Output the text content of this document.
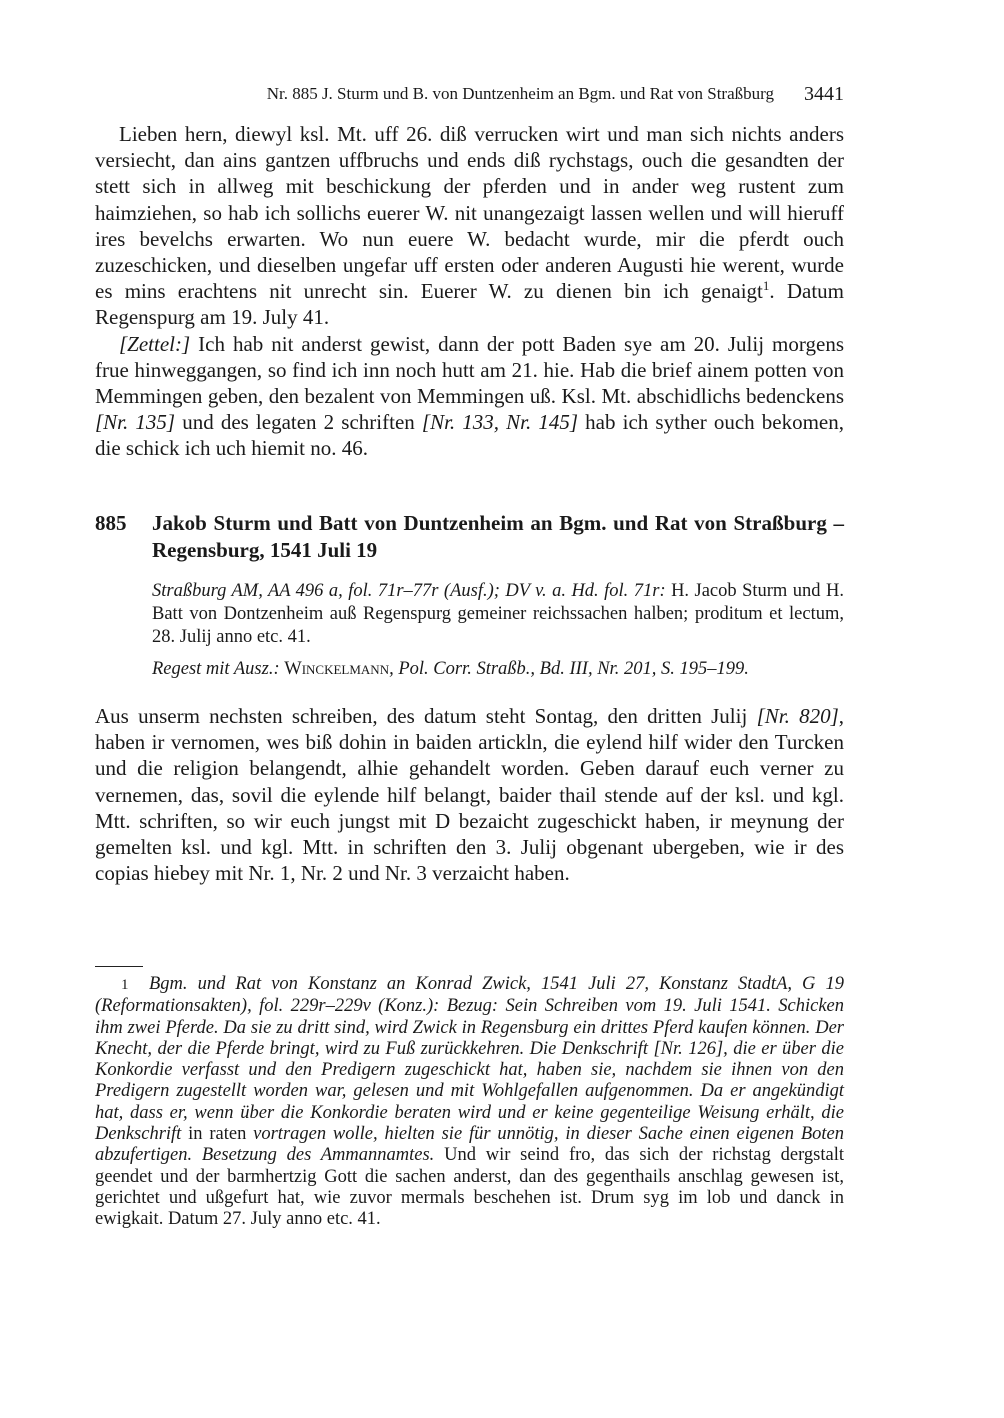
Nr. 885 J. Sturm und B. von Duntzenheim an Bgm. und Rat von Straßburg 3441

Lieben hern, diewyl ksl. Mt. uff 26. diß verrucken wirt und man sich nichts anders versiecht, dan ains gantzen uffbruchs und ends diß rychstags, ouch die gesandten der stett sich in allweg mit beschickung der pferden und in ander weg rustent zum haimziehen, so hab ich sollichs euerer W. nit unangezaigt lassen wellen und will hieruff ires bevelchs erwarten. Wo nun euere W. bedacht wurde, mir die pferdt ouch zuzeschicken, und dieselben ungefar uff ersten oder anderen Augusti hie werent, wurde es mins erachtens nit unrecht sin. Euerer W. zu dienen bin ich genaigt$^1$. Datum Regenspurg am 19. July 41.

[Zettel:] Ich hab nit anderst gewist, dann der pott Baden sye am 20. Julij morgens frue hinweggangen, so find ich inn noch hutt am 21. hie. Hab die brief ainem potten von Memmingen geben, den bezalent von Memmingen uß. Ksl. Mt. abschidlichs bedenckens [Nr. 135] und des legaten 2 schriften [Nr. 133, Nr. 145] hab ich syther ouch bekomen, die schick ich uch hiemit no. 46.

885 Jakob Sturm und Batt von Duntzenheim an Bgm. und Rat von Straßburg – Regensburg, 1541 Juli 19

Straßburg AM, AA 496 a, fol. 71r–77r (Ausf.); DV v. a. Hd. fol. 71r: H. Jacob Sturm und H. Batt von Dontzenheim auß Regenspurg gemeiner reichssachen halben; proditum et lectum, 28. Julij anno etc. 41.

Regest mit Ausz.: Winckelmann, Pol. Corr. Straßb., Bd. III, Nr. 201, S. 195–199.

Aus unserm nechsten schreiben, des datum steht Sontag, den dritten Julij [Nr. 820], haben ir vernomen, wes biß dohin in baiden artickln, die eylend hilf wider den Turcken und die religion belangendt, alhie gehandelt worden. Geben darauf euch verner zu vernemen, das, sovil die eylende hilf belangt, baider thail stende auf der ksl. und kgl. Mtt. schriften, so wir euch jungst mit D bezaicht zugeschickt haben, ir meynung der gemelten ksl. und kgl. Mtt. in schriften den 3. Julij obgenant ubergeben, wie ir des copias hiebey mit Nr. 1, Nr. 2 und Nr. 3 verzaicht haben.

1 Bgm. und Rat von Konstanz an Konrad Zwick, 1541 Juli 27, Konstanz StadtA, G 19 (Reformationsakten), fol. 229r–229v (Konz.): Bezug: Sein Schreiben vom 19. Juli 1541. Schicken ihm zwei Pferde. Da sie zu dritt sind, wird Zwick in Regensburg ein drittes Pferd kaufen können. Der Knecht, der die Pferde bringt, wird zu Fuß zurückkehren. Die Denkschrift [Nr. 126], die er über die Konkordie verfasst und den Predigern zugeschickt hat, haben sie, nachdem sie ihnen von den Predigern zugestellt worden war, gelesen und mit Wohlgefallen aufgenommen. Da er angekündigt hat, dass er, wenn über die Konkordie beraten wird und er keine gegenteilige Weisung erhält, die Denkschrift in raten vortragen wolle, hielten sie für unnötig, in dieser Sache einen eigenen Boten abzufertigen. Besetzung des Ammannamtes. Und wir seind fro, das sich der richstag dergstalt geendet und der barmhertzig Gott die sachen anderst, dan des gegenthails anschlag gewesen ist, gerichtet und ußgefurt hat, wie zuvor mermals beschehen ist. Drum syg im lob und danck in ewigkait. Datum 27. July anno etc. 41.
